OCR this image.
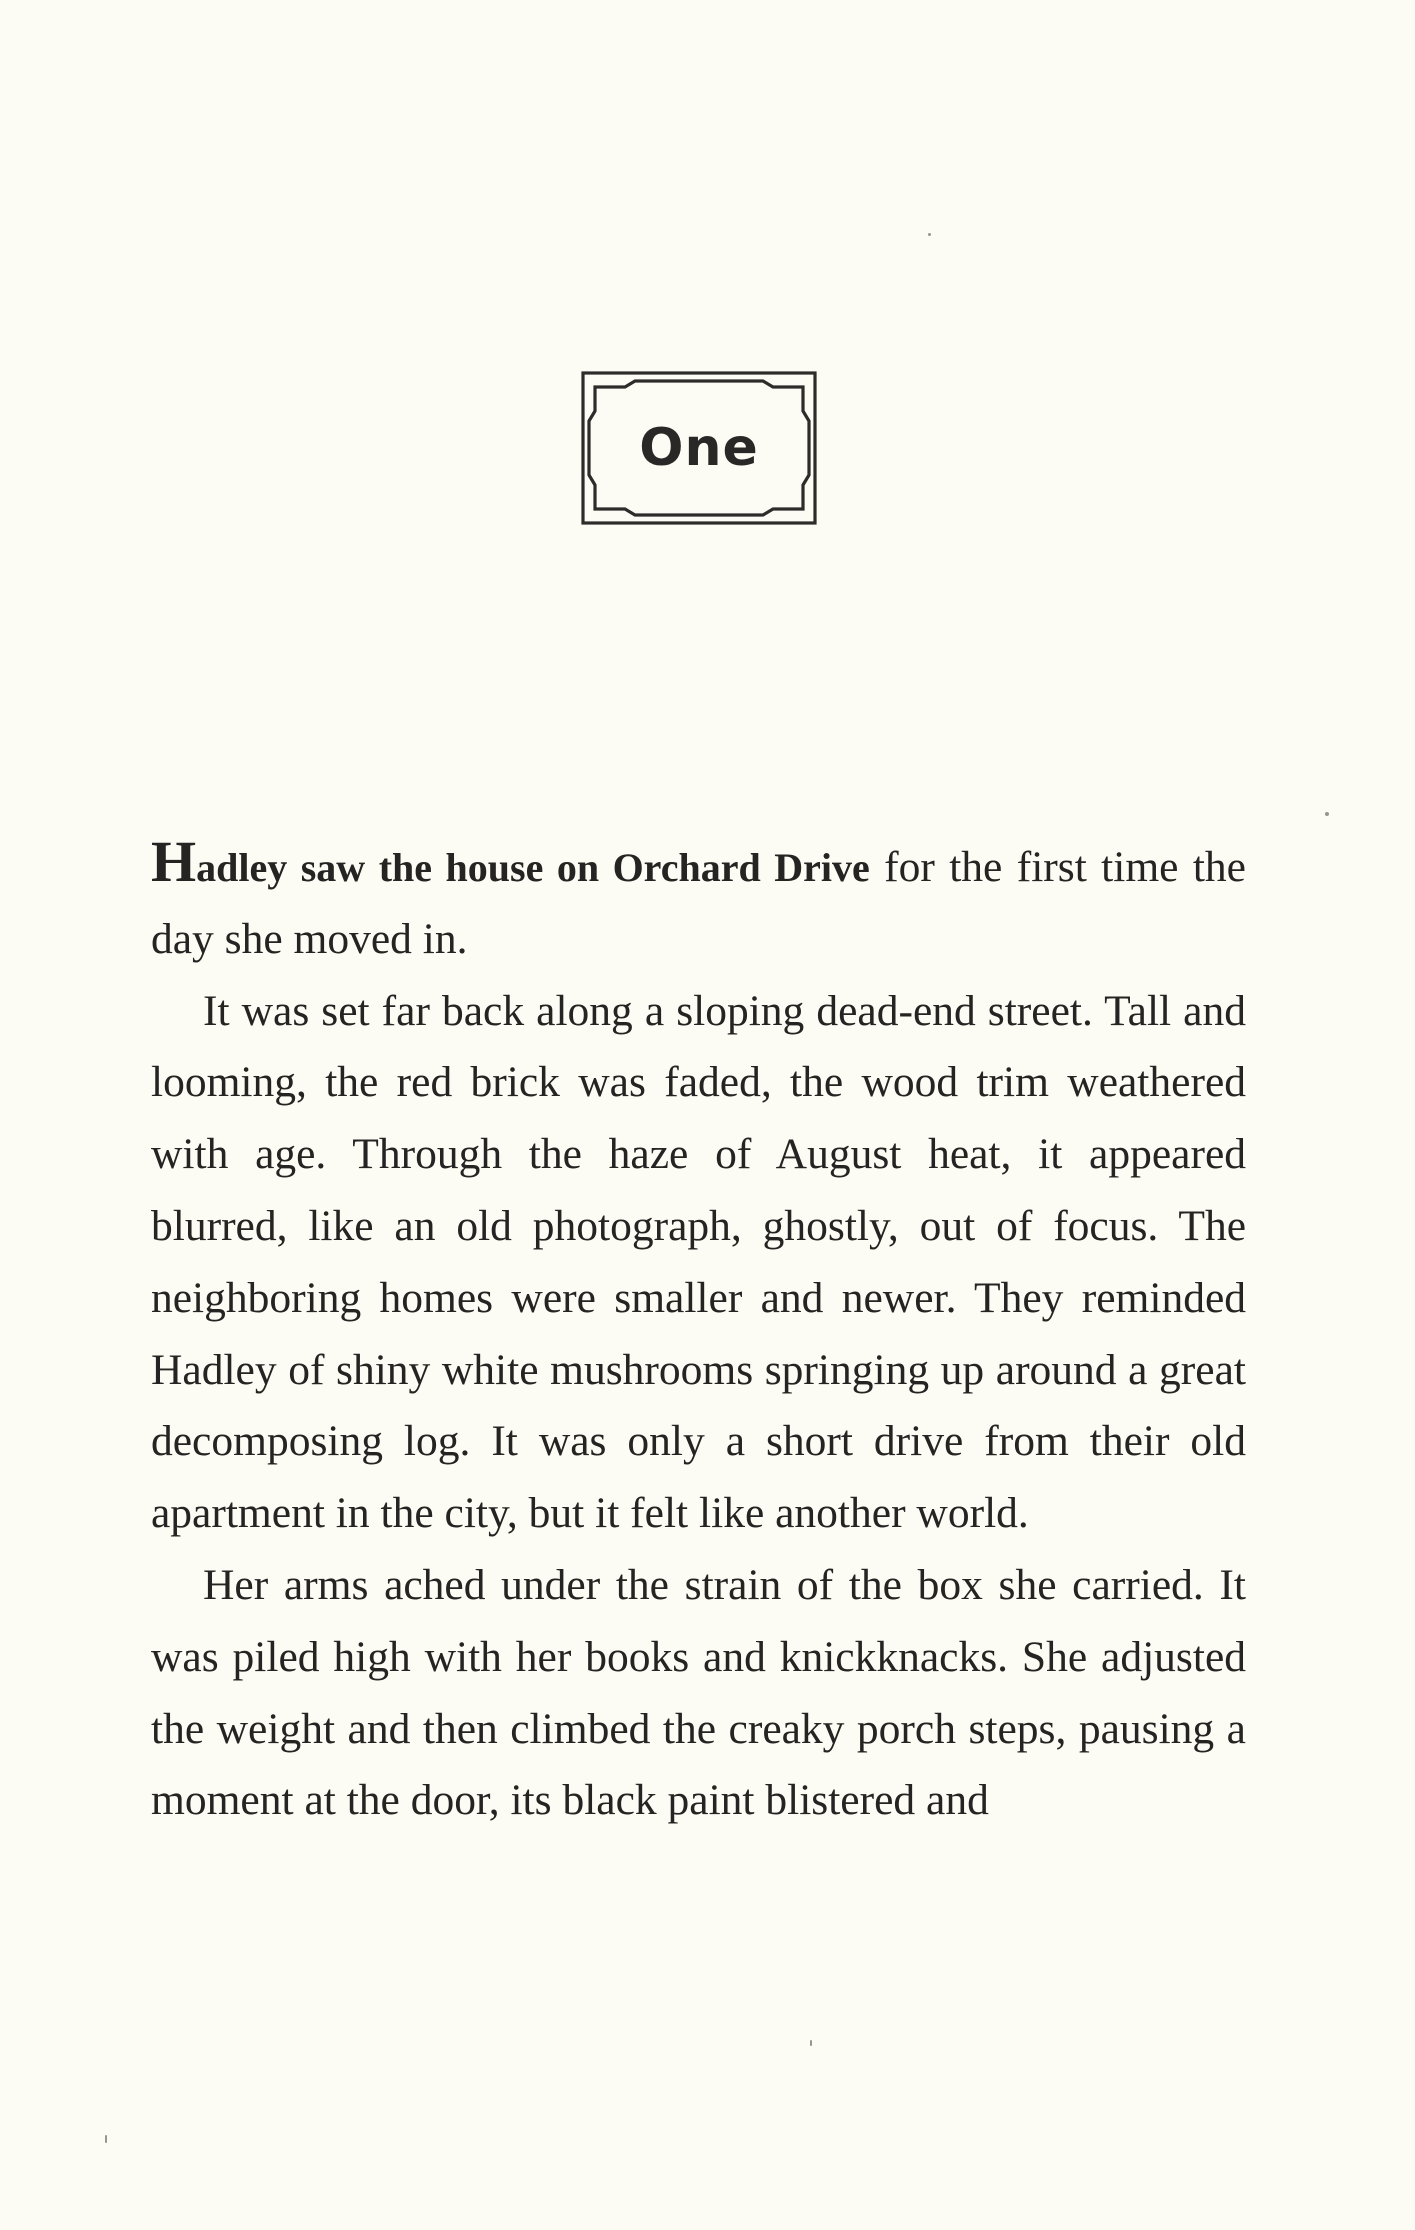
One

Hadley saw the house on Orchard Drive for the first time the day she moved in.

It was set far back along a sloping dead-end street. Tall and looming, the red brick was faded, the wood trim weathered with age. Through the haze of August heat, it appeared blurred, like an old photograph, ghostly, out of focus. The neighboring homes were smaller and newer. They reminded Hadley of shiny white mushrooms springing up around a great decomposing log. It was only a short drive from their old apartment in the city, but it felt like another world.

Her arms ached under the strain of the box she carried. It was piled high with her books and knickknacks. She adjusted the weight and then climbed the creaky porch steps, pausing a moment at the door, its black paint blistered and
